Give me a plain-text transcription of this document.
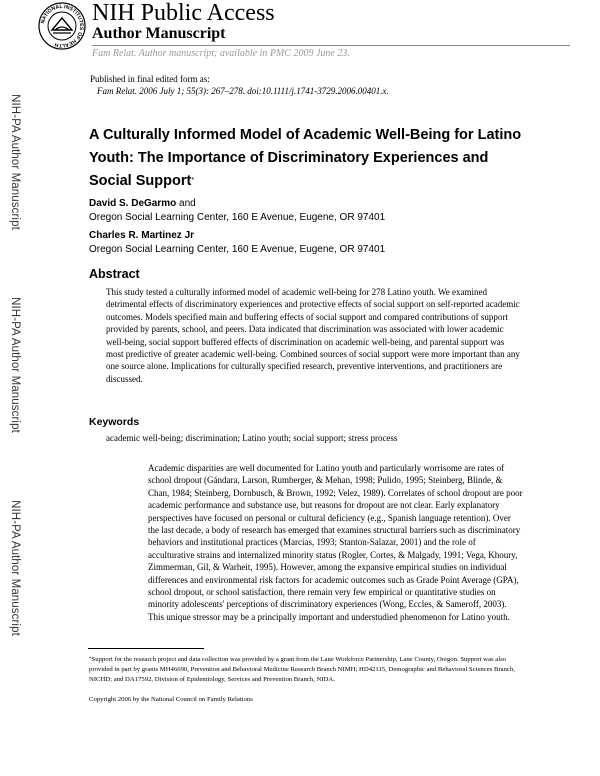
NATIONAL INSTITUTES OF HEALTH
NIH Public Access
Author Manuscript
Fam Relat. Author manuscript; available in PMC 2009 June 23.
NIH-PA Author Manuscript
NIH-PA Author Manuscript
NIH-PA Author Manuscript
Published in final edited form as:
Fam Relat. 2006 July 1; 55(3): 267–278. doi:10.1111/j.1741-3729.2006.00401.x.
A Culturally Informed Model of Academic Well-Being for Latino Youth: The Importance of Discriminatory Experiences and Social Support*
David S. DeGarmo and
Oregon Social Learning Center, 160 E Avenue, Eugene, OR 97401
Charles R. Martinez Jr
Oregon Social Learning Center, 160 E Avenue, Eugene, OR 97401
Abstract
This study tested a culturally informed model of academic well-being for 278 Latino youth. We examined detrimental effects of discriminatory experiences and protective effects of social support on self-reported academic outcomes. Models specified main and buffering effects of social support and compared contributions of support provided by parents, school, and peers. Data indicated that discrimination was associated with lower academic well-being, social support buffered effects of discrimination on academic well-being, and parental support was most predictive of greater academic well-being. Combined sources of social support were more important than any one source alone. Implications for culturally specified research, preventive interventions, and practitioners are discussed.
Keywords
academic well-being; discrimination; Latino youth; social support; stress process
Academic disparities are well documented for Latino youth and particularly worrisome are rates of school dropout (Gándara, Larson, Rumberger, & Mehan, 1998; Pulido, 1995; Steinberg, Blinde, & Chan, 1984; Steinberg, Dornbusch, & Brown, 1992; Velez, 1989). Correlates of school dropout are poor academic performance and substance use, but reasons for dropout are not clear. Early explanatory perspectives have focused on personal or cultural deficiency (e.g., Spanish language retention). Over the last decade, a body of research has emerged that examines structural barriers such as discriminatory behaviors and institutional practices (Marcías, 1993; Stanton-Salazar, 2001) and the role of acculturative strains and internalized minority status (Rogler, Cortes, & Malgady, 1991; Vega, Khoury, Zimmerman, Gil, & Warheit, 1995). However, among the expansive empirical studies on individual differences and environmental risk factors for academic outcomes such as Grade Point Average (GPA), school dropout, or school satisfaction, there remain very few empirical or quantitative studies on minority adolescents' perceptions of discriminatory experiences (Wong, Eccles, & Sameroff, 2003). This unique stressor may be a principally important and understudied phenomenon for Latino youth.
*Support for the research project and data collection was provided by a grant from the Lane Workforce Partnership, Lane County, Oregon. Support was also provided in part by grants MH46690, Prevention and Behavioral Medicine Research Branch NIMH; HD42115, Demographic and Behavioral Sciences Branch, NICHD; and DA17592, Division of Epidemiology, Services and Prevention Branch, NIDA.
Copyright 2006 by the National Council on Family Relations
